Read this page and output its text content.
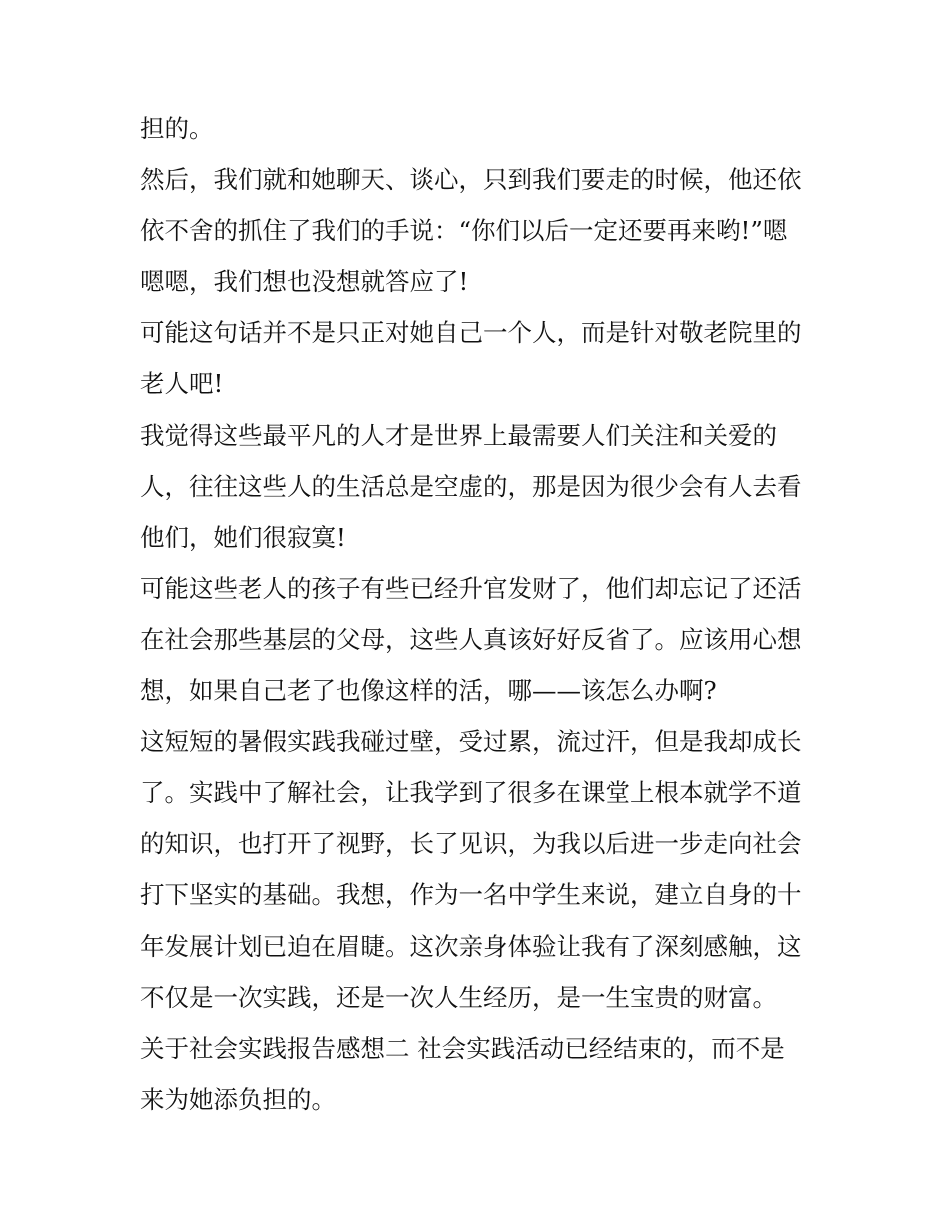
担的。
然后，我们就和她聊天、谈心，只到我们要走的时候，他还依
依不舍的抓住了我们的手说：“你们以后一定还要再来哟!”嗯
嗯嗯，我们想也没想就答应了!
可能这句话并不是只正对她自己一个人，而是针对敬老院里的
老人吧!
我觉得这些最平凡的人才是世界上最需要人们关注和关爱的
人，往往这些人的生活总是空虚的，那是因为很少会有人去看
他们，她们很寂寞!
可能这些老人的孩子有些已经升官发财了，他们却忘记了还活
在社会那些基层的父母，这些人真该好好反省了。应该用心想
想，如果自己老了也像这样的活，哪——该怎么办啊?
这短短的暑假实践我碰过壁，受过累，流过汗，但是我却成长
了。实践中了解社会，让我学到了很多在课堂上根本就学不道
的知识，也打开了视野，长了见识，为我以后进一步走向社会
打下坚实的基础。我想，作为一名中学生来说，建立自身的十
年发展计划已迫在眉睫。这次亲身体验让我有了深刻感触，这
不仅是一次实践，还是一次人生经历，是一生宝贵的财富。
关于社会实践报告感想二 社会实践活动已经结束的，而不是
来为她添负担的。
